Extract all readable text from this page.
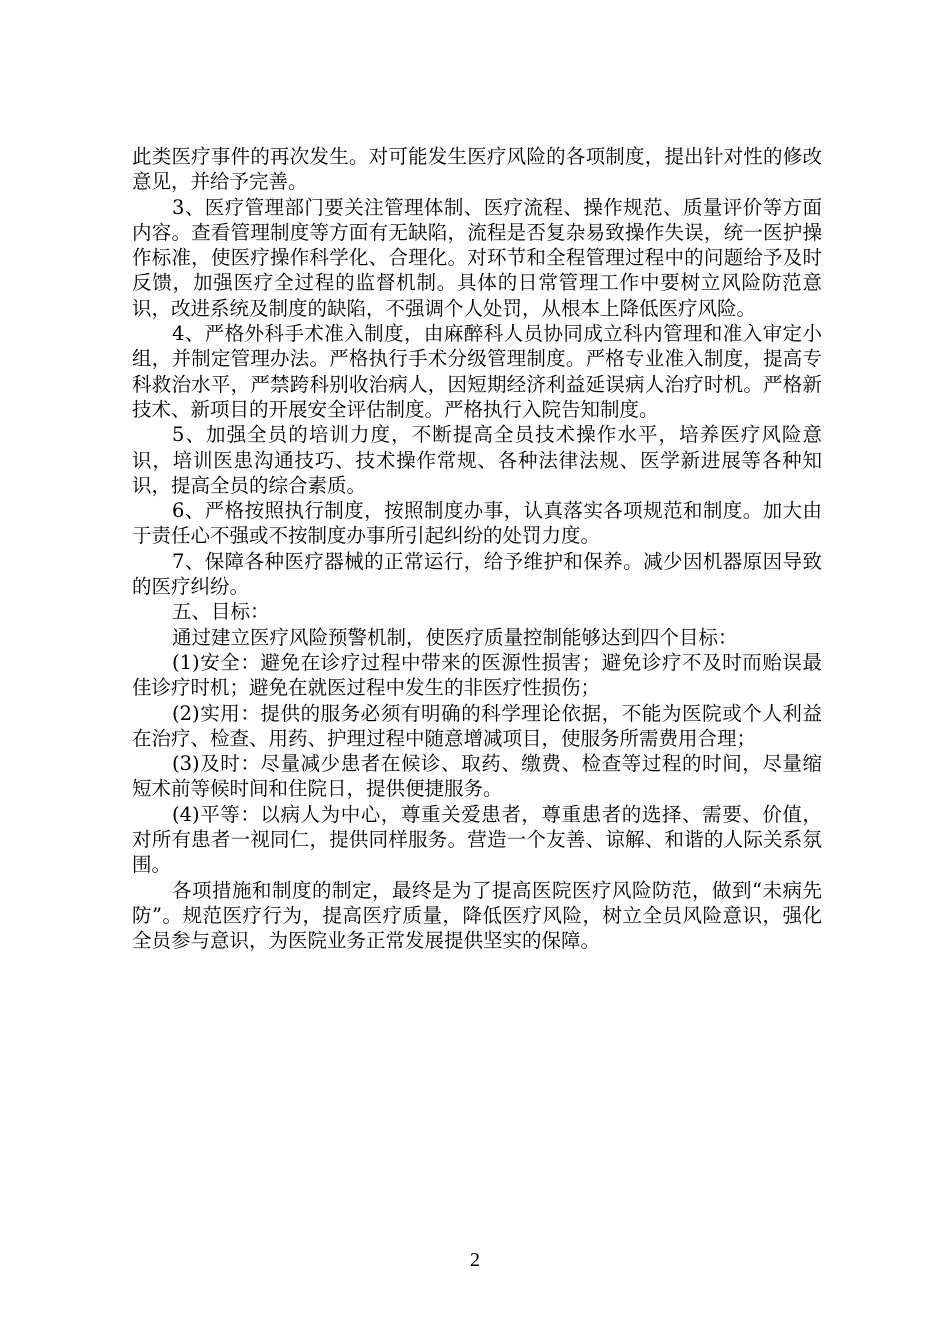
此类医疗事件的再次发生。对可能发生医疗风险的各项制度，提出针对性的修改意见，并给予完善。

3、医疗管理部门要关注管理体制、医疗流程、操作规范、质量评价等方面内容。查看管理制度等方面有无缺陷，流程是否复杂易致操作失误，统一医护操作标准，使医疗操作科学化、合理化。对环节和全程管理过程中的问题给予及时反馈，加强医疗全过程的监督机制。具体的日常管理工作中要树立风险防范意识，改进系统及制度的缺陷，不强调个人处罚，从根本上降低医疗风险。

4、严格外科手术准入制度，由麻醉科人员协同成立科内管理和准入审定小组，并制定管理办法。严格执行手术分级管理制度。严格专业准入制度，提高专科救治水平，严禁跨科别收治病人，因短期经济利益延误病人治疗时机。严格新技术、新项目的开展安全评估制度。严格执行入院告知制度。

5、加强全员的培训力度，不断提高全员技术操作水平，培养医疗风险意识，培训医患沟通技巧、技术操作常规、各种法律法规、医学新进展等各种知识，提高全员的综合素质。

6、严格按照执行制度，按照制度办事，认真落实各项规范和制度。加大由于责任心不强或不按制度办事所引起纠纷的处罚力度。

7、保障各种医疗器械的正常运行，给予维护和保养。减少因机器原因导致的医疗纠纷。

五、目标：

通过建立医疗风险预警机制，使医疗质量控制能够达到四个目标：

(1)安全：避免在诊疗过程中带来的医源性损害；避免诊疗不及时而贻误最佳诊疗时机；避免在就医过程中发生的非医疗性损伤；

(2)实用：提供的服务必须有明确的科学理论依据，不能为医院或个人利益在治疗、检查、用药、护理过程中随意增减项目，使服务所需费用合理；

(3)及时：尽量减少患者在候诊、取药、缴费、检查等过程的时间，尽量缩短术前等候时间和住院日，提供便捷服务。

(4)平等：以病人为中心，尊重关爱患者，尊重患者的选择、需要、价值，对所有患者一视同仁，提供同样服务。营造一个友善、谅解、和谐的人际关系氛围。

各项措施和制度的制定，最终是为了提高医院医疗风险防范，做到“未病先防”。规范医疗行为，提高医疗质量，降低医疗风险，树立全员风险意识，强化全员参与意识，为医院业务正常发展提供坚实的保障。

2
